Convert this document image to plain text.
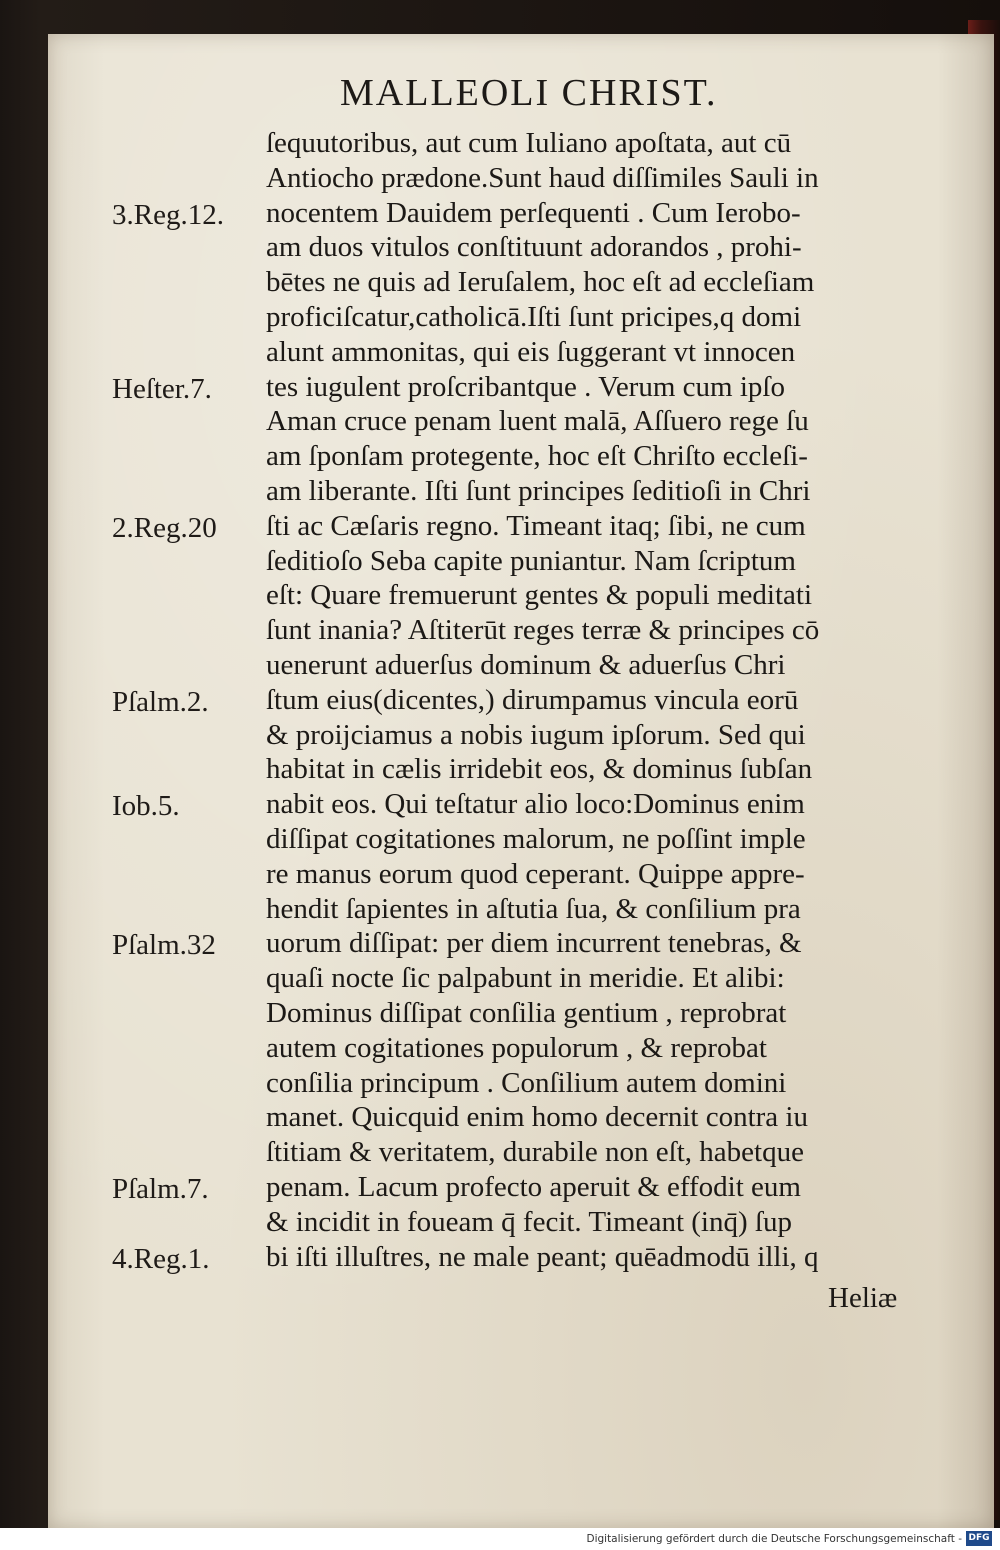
MALLEOLI CHRIST.
ſequutoribus, aut cum Iuliano apoſtata, aut cū
Antiocho prædone.Sunt haud diſſimiles Sauli in
nocentem Dauidem perſequenti . Cum Ierobo-
am duos vitulos conſtituunt adorandos , prohi-
bētes ne quis ad Ieruſalem, hoc eſt ad eccleſiam
proficiſcatur,catholicā.Iſti ſunt pricipes,q domi
alunt ammonitas, qui eis ſuggerant vt innocen
tes iugulent proſcribantque . Verum cum ipſo
Aman cruce penam luent malā, Aſſuero rege ſu
am ſponſam protegente, hoc eſt Chriſto eccleſi-
am liberante. Iſti ſunt principes ſeditioſi in Chri
ſti ac Cæſaris regno. Timeant itaq; ſibi, ne cum
ſeditioſo Seba capite puniantur. Nam ſcriptum
eſt: Quare fremuerunt gentes & populi meditati
ſunt inania? Aſtiterūt reges terræ & principes cō
uenerunt aduerſus dominum & aduerſus Chri
ſtum eius(dicentes,) dirumpamus vincula eorū
& proijciamus a nobis iugum ipſorum. Sed qui
habitat in cælis irridebit eos, & dominus ſubſan
nabit eos. Qui teſtatur alio loco:Dominus enim
diſſipat cogitationes malorum, ne poſſint imple
re manus eorum quod ceperant. Quippe appre-
hendit ſapientes in aſtutia ſua, & conſilium pra
uorum diſſipat: per diem incurrent tenebras, &
quaſi nocte ſic palpabunt in meridie. Et alibi:
Dominus diſſipat conſilia gentium , reprobrat
autem cogitationes populorum , & reprobat
conſilia principum . Conſilium autem domini
manet. Quicquid enim homo decernit contra iu
ſtitiam & veritatem, durabile non eſt, habetque
penam. Lacum profecto aperuit & effodit eum
& incidit in foueam q̄ fecit. Timeant (inq̄) ſup
bi iſti illuſtres, ne male peant; quēadmodū illi, q
3.Reg.12.
Heſter.7.
2.Reg.20
Pſalm.2.
Iob.5.
Pſalm.32
Pſalm.7.
4.Reg.1.
Heliæ
Digitalisierung gefördert durch die Deutsche Forschungsgemeinschaft - DFG
